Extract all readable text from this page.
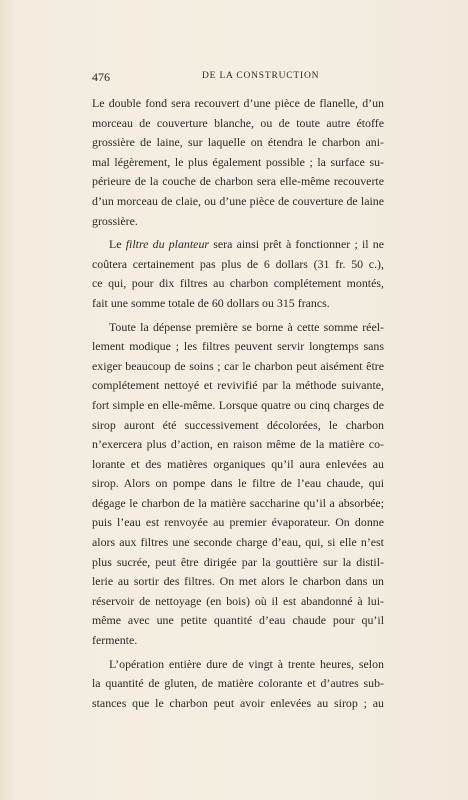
476	DE LA CONSTRUCTION
Le double fond sera recouvert d’une pièce de flanelle, d’un
morceau de couverture blanche, ou de toute autre étoffe
grossière de laine, sur laquelle on étendra le charbon ani-
mal légèrement, le plus également possible ; la surface su-
périeure de la couche de charbon sera elle-même recouverte
d’un morceau de claie, ou d’une pièce de couverture de laine
grossière.
Le filtre du planteur sera ainsi prêt à fonctionner ; il ne
coûtera certainement pas plus de 6 dollars (31 fr. 50 c.),
ce qui, pour dix filtres au charbon complétement montés,
fait une somme totale de 60 dollars ou 315 francs.
Toute la dépense première se borne à cette somme réel-
lement modique ; les filtres peuvent servir longtemps sans
exiger beaucoup de soins ; car le charbon peut aisément être
complétement nettoyé et revivifié par la méthode suivante,
fort simple en elle-même. Lorsque quatre ou cinq charges de
sirop auront été successivement décolorées, le charbon
n’exercera plus d’action, en raison même de la matière co-
lorante et des matières organiques qu’il aura enlevées au
sirop. Alors on pompe dans le filtre de l’eau chaude, qui
dégage le charbon de la matière saccharine qu’il a absorbée;
puis l’eau est renvoyée au premier évaporateur. On donne
alors aux filtres une seconde charge d’eau, qui, si elle n’est
plus sucrée, peut être dirigée par la gouttière sur la distil-
lerie au sortir des filtres. On met alors le charbon dans un
réservoir de nettoyage (en bois) où il est abandonné à lui-
même avec une petite quantité d’eau chaude pour qu’il
fermente.
L’opération entière dure de vingt à trente heures, selon
la quantité de gluten, de matière colorante et d’autres sub-
stances que le charbon peut avoir enlevées au sirop ; au
